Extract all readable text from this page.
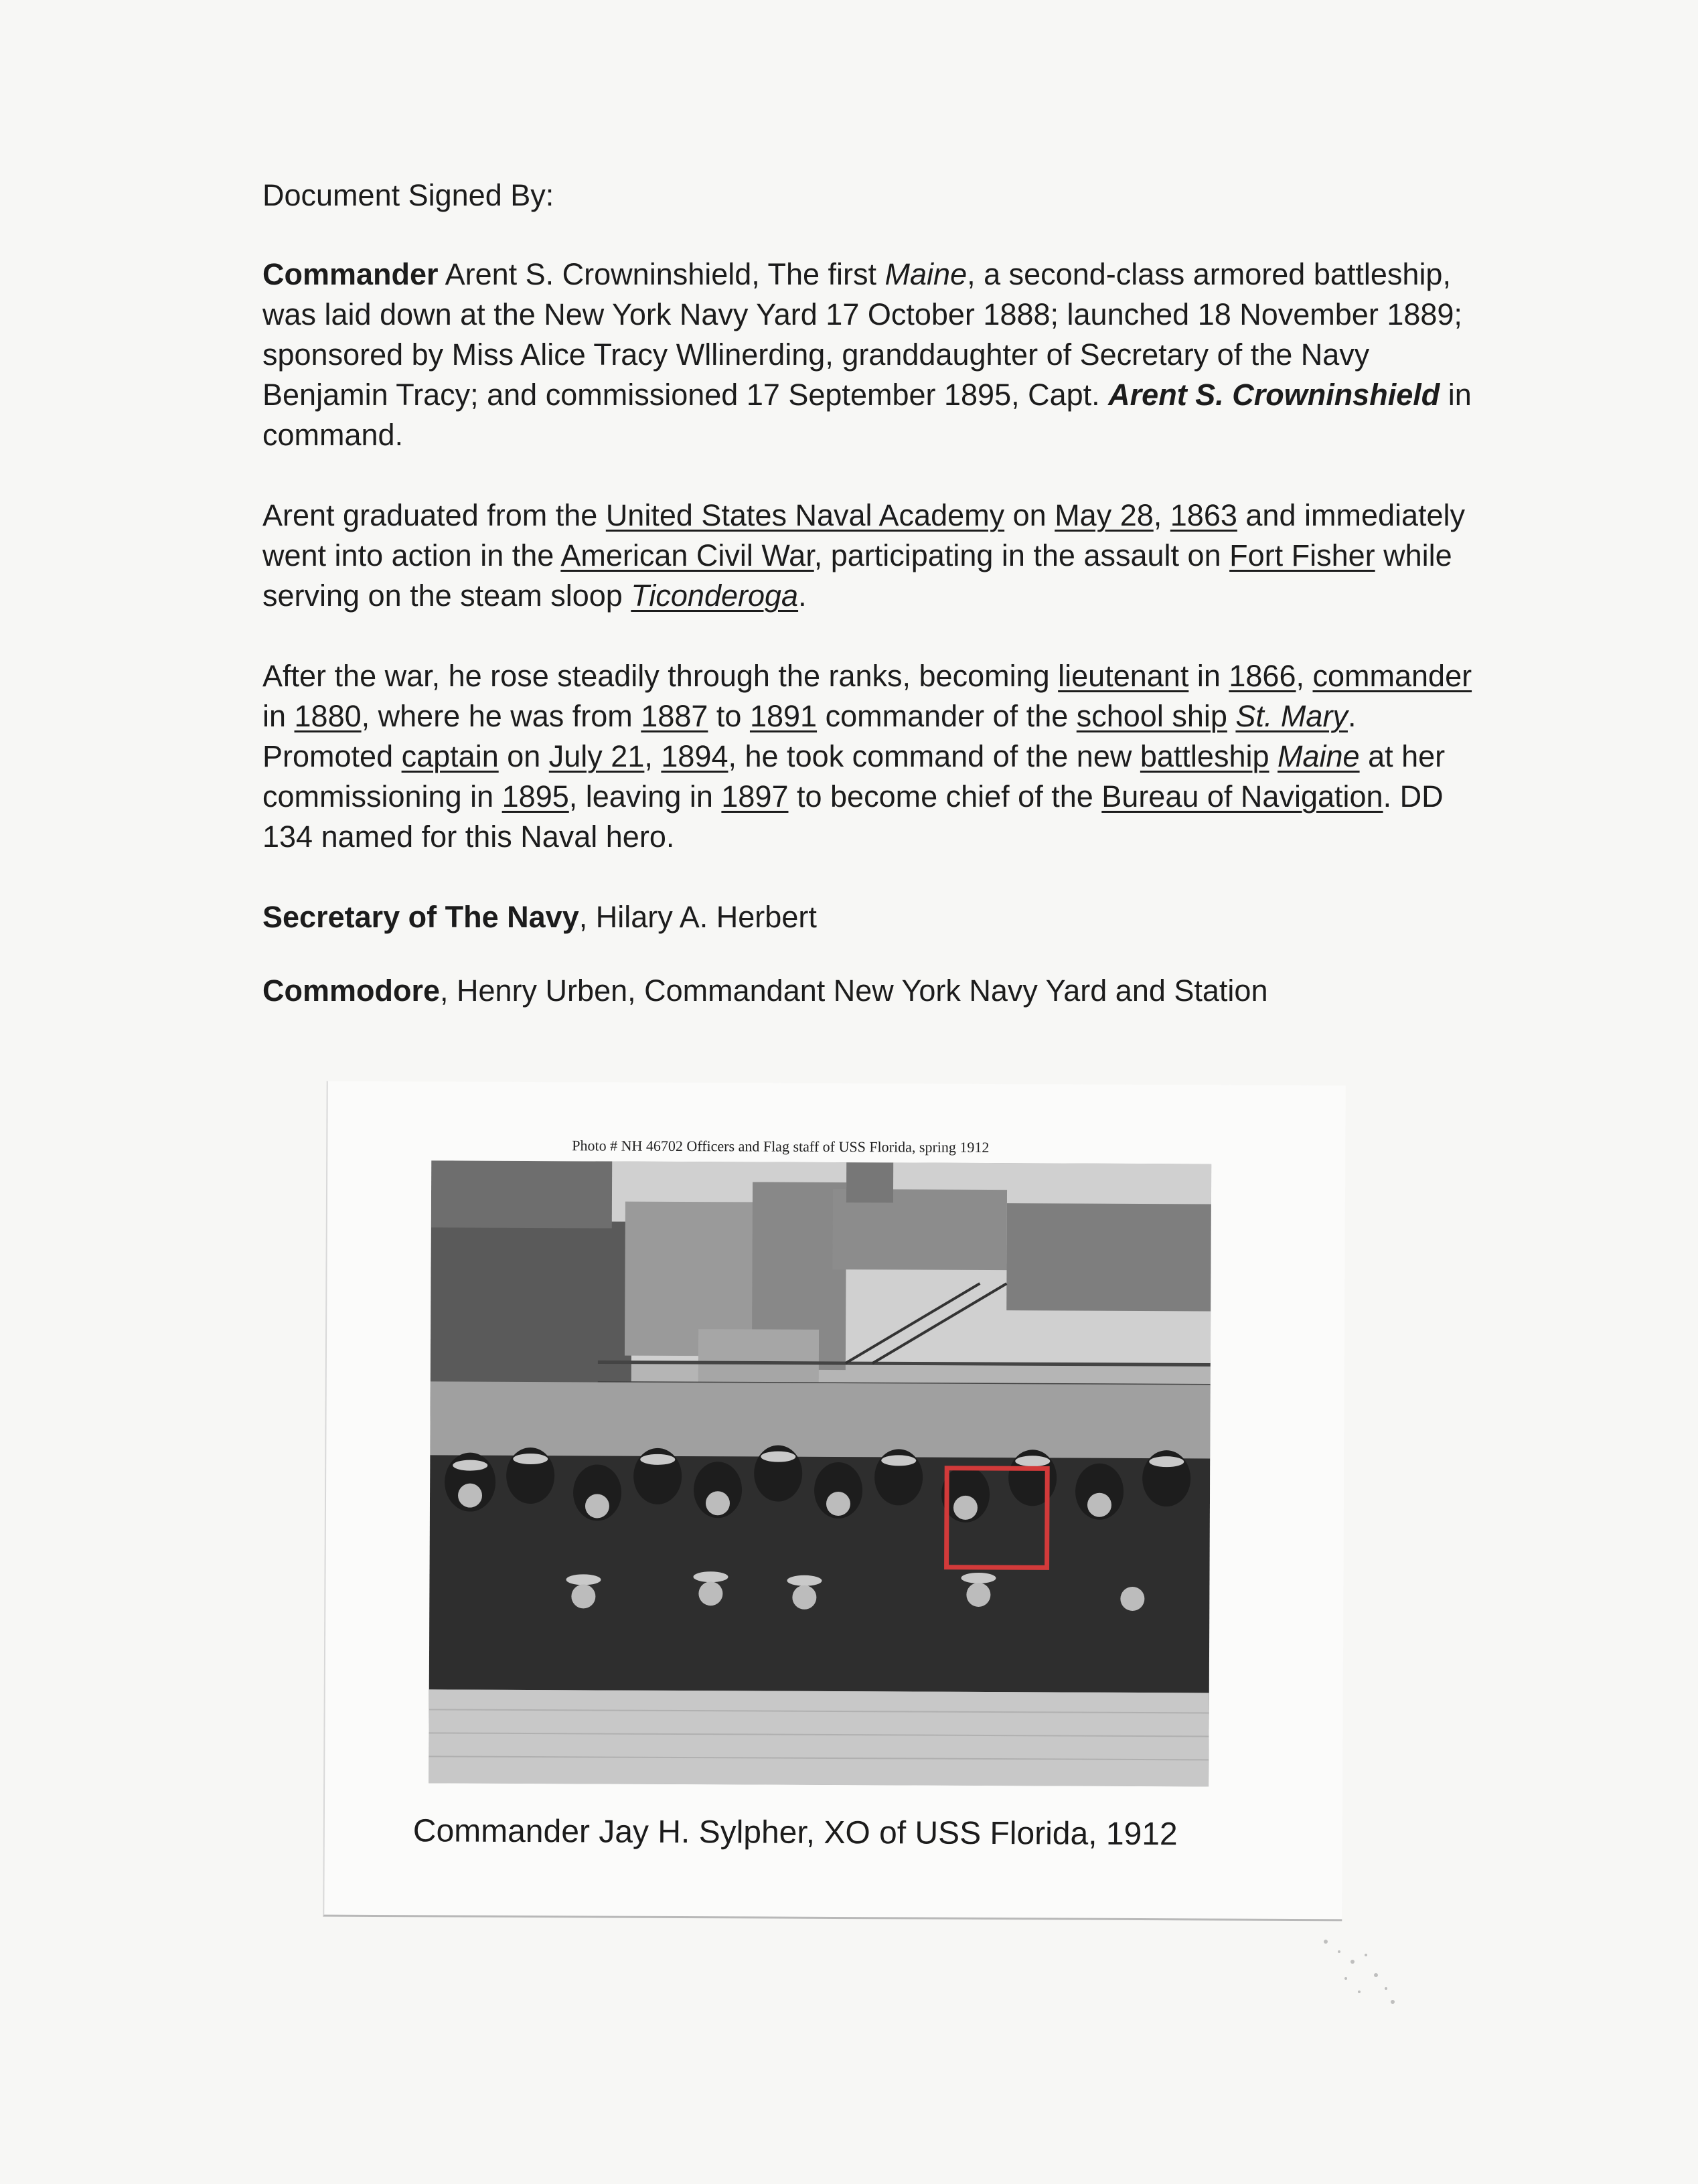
Document Signed By:

Commander Arent S. Crowninshield, The first Maine, a second-class armored battleship, was laid down at the New York Navy Yard 17 October 1888; launched 18 November 1889; sponsored by Miss Alice Tracy Wllinerding, granddaughter of Secretary of the Navy Benjamin Tracy; and commissioned 17 September 1895, Capt. Arent S. Crowninshield in command.

Arent graduated from the United States Naval Academy on May 28, 1863 and immediately went into action in the American Civil War, participating in the assault on Fort Fisher while serving on the steam sloop Ticonderoga.

After the war, he rose steadily through the ranks, becoming lieutenant in 1866, commander in 1880, where he was from 1887 to 1891 commander of the school ship St. Mary. Promoted captain on July 21, 1894, he took command of the new battleship Maine at her commissioning in 1895, leaving in 1897 to become chief of the Bureau of Navigation. DD 134 named for this Naval hero.

Secretary of The Navy, Hilary A. Herbert

Commodore, Henry Urben, Commandant New York Navy Yard and Station

Photo # NH 46702 Officers and Flag staff of USS Florida, spring 1912
Commander Jay H. Sylpher, XO of USS Florida, 1912
